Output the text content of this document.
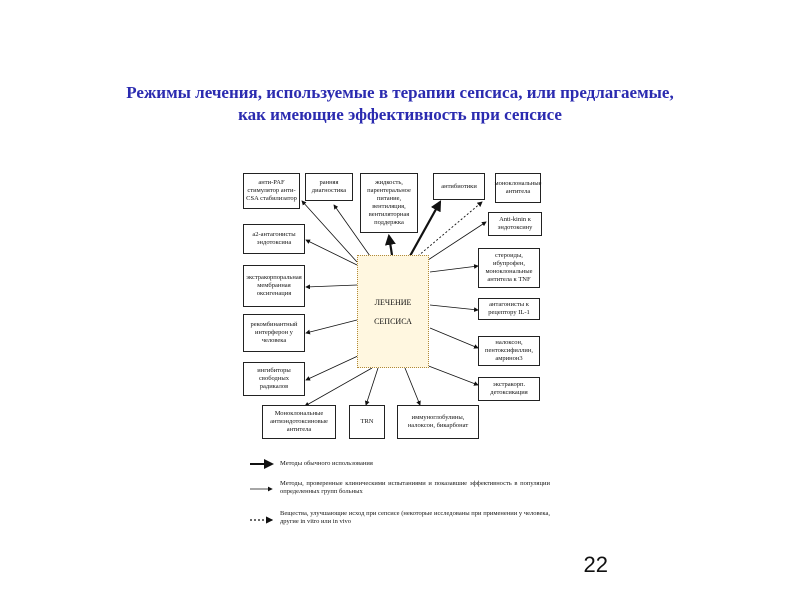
Режимы лечения, используемые в терапии сепсиса, или предлагаемые,
как имеющие эффективность при сепсисе
ЛЕЧЕНИЕ
СЕПСИСА
анти-PAF стимулятор анти-CSA стабилизатор
ранняя диагностика
жидкость, парентеральное питание, вентиляция, вентиляторная поддержка
антибиотики	моноклональные антитела
Anti-kinin к эндотоксину
стероиды, ибупрофен, моноклональные антитела к TNF
антагонисты к рецептору IL-1
налоксон, пентоксифиллин, амринон3
экстракорп. детоксикация
а2-антагонисты эндотоксина
экстракорпоральная мембранная оксигенация
рекомбинантный интерферон у человека
ингибиторы свободных радикалов
Моноклональные антиэндотоксиновые антитела
TRN
иммуноглобулины, налоксон, бикарбонат
Методы обычного использования
Методы, проверенные клиническими испытаниями и показавшие эффективность в популяции определенных групп больных
Вещества, улучшающие исход при сепсисе (некоторые исследованы при применении у человека, другие in vitro или in vivo
22
